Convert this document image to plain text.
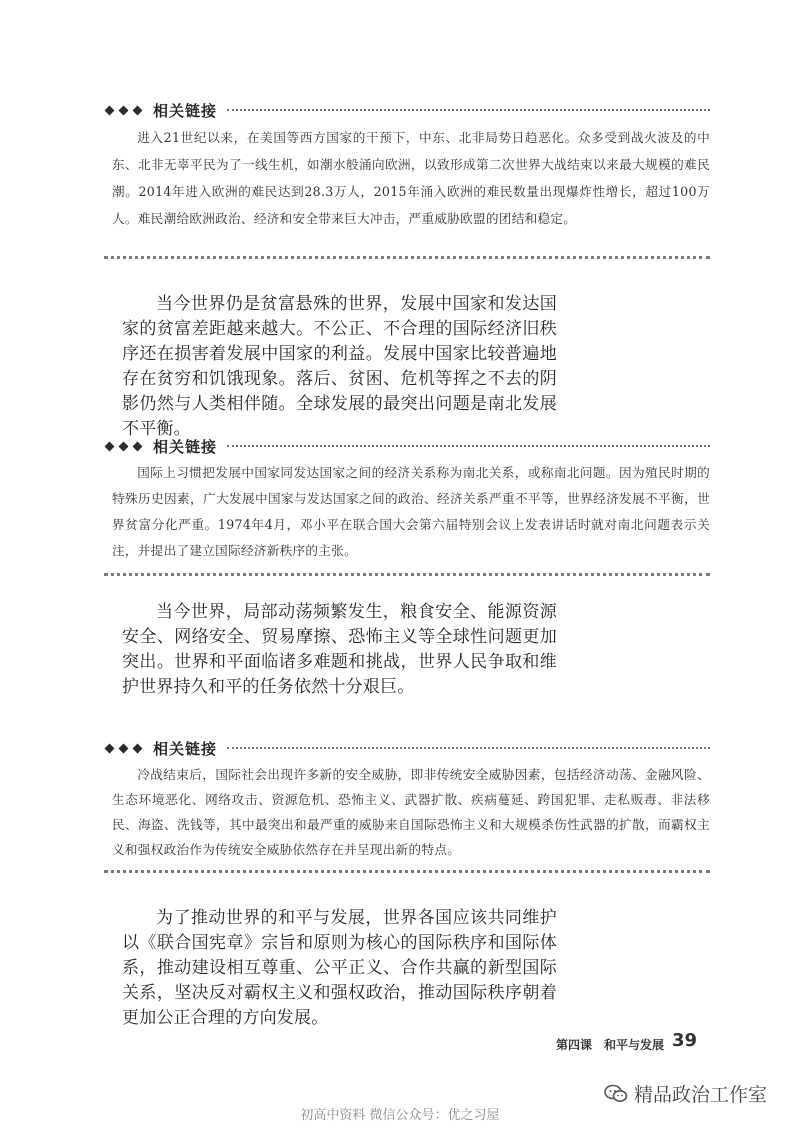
相关链接

进入21世纪以来，在美国等西方国家的干预下，中东、北非局势日趋恶化。众多受到战火波及的中东、北非无辜平民为了一线生机，如潮水般涌向欧洲，以致形成第二次世界大战结束以来最大规模的难民潮。2014年进入欧洲的难民达到28.3万人，2015年涌入欧洲的难民数量出现爆炸性增长，超过100万人。难民潮给欧洲政治、经济和安全带来巨大冲击，严重威胁欧盟的团结和稳定。

当今世界仍是贫富悬殊的世界，发展中国家和发达国家的贫富差距越来越大。不公正、不合理的国际经济旧秩序还在损害着发展中国家的利益。发展中国家比较普遍地存在贫穷和饥饿现象。落后、贫困、危机等挥之不去的阴影仍然与人类相伴随。全球发展的最突出问题是南北发展不平衡。

相关链接

国际上习惯把发展中国家同发达国家之间的经济关系称为南北关系，或称南北问题。因为殖民时期的特殊历史因素，广大发展中国家与发达国家之间的政治、经济关系严重不平等，世界经济发展不平衡，世界贫富分化严重。1974年4月，邓小平在联合国大会第六届特别会议上发表讲话时就对南北问题表示关注，并提出了建立国际经济新秩序的主张。

当今世界，局部动荡频繁发生，粮食安全、能源资源安全、网络安全、贸易摩擦、恐怖主义等全球性问题更加突出。世界和平面临诸多难题和挑战，世界人民争取和维护世界持久和平的任务依然十分艰巨。

相关链接

冷战结束后，国际社会出现许多新的安全威胁，即非传统安全威胁因素，包括经济动荡、金融风险、生态环境恶化、网络攻击、资源危机、恐怖主义、武器扩散、疾病蔓延、跨国犯罪、走私贩毒、非法移民、海盗、洗钱等，其中最突出和最严重的威胁来自国际恐怖主义和大规模杀伤性武器的扩散，而霸权主义和强权政治作为传统安全威胁依然存在并呈现出新的特点。

为了推动世界的和平与发展，世界各国应该共同维护以《联合国宪章》宗旨和原则为核心的国际秩序和国际体系，推动建设相互尊重、公平正义、合作共赢的新型国际关系，坚决反对霸权主义和强权政治，推动国际秩序朝着更加公正合理的方向发展。

第四课　和平与发展 39
精品政治工作室
初高中资料 微信公众号：优之习屋
